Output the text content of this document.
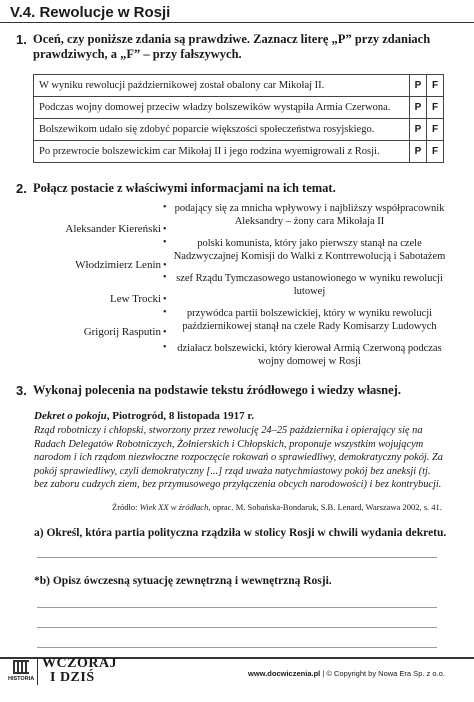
V.4. Rewolucje w Rosji
1. Oceń, czy poniższe zdania są prawdziwe. Zaznacz literę „P” przy zdaniach prawdziwych, a „F” – przy fałszywych.
W wyniku rewolucji październikowej został obalony car Mikołaj II.	P	F
Podczas wojny domowej przeciw władzy bolszewików wystąpiła Armia Czerwona.	P	F
Bolszewikom udało się zdobyć poparcie większości społeczeństwa rosyjskiego.	P	F
Po przewrocie bolszewickim car Mikołaj II i jego rodzina wyemigrowali z Rosji.	P	F
2. Połącz postacie z właściwymi informacjami na ich temat.
Aleksander Kiereński •
Włodzimierz Lenin •
Lew Trocki •
Grigorij Rasputin •
• podający się za mnicha wpływowy i najbliższy współpracownik Aleksandry – żony cara Mikołaja II
•	polski komunista, który jako pierwszy stanął na czele Nadzwyczajnej Komisji do Walki z Kontrrewolucją i Sabotażem
• szef Rządu Tymczasowego ustanowionego w wyniku rewolucji lutowej
•	przywódca partii bolszewickiej, który w wyniku rewolucji październikowej stanął na czele Rady Komisarzy Ludowych
•	działacz bolszewicki, który kierował Armią Czerwoną podczas wojny domowej w Rosji
3. Wykonaj polecenia na podstawie tekstu źródłowego i wiedzy własnej.
Dekret o pokoju, Piotrogród, 8 listopada 1917 r.
Rząd robotniczy i chłopski, stworzony przez rewolucję 24–25 października i opierający się na Radach Delegatów Robotniczych, Żołnierskich i Chłopskich, proponuje wszystkim wojującym narodom i ich rządom niezwłoczne rozpoczęcie rokowań o sprawiedliwy, demokratyczny pokój. Za pokój sprawiedliwy, czyli demokratyczny [...] rząd uważa natychmiastowy pokój bez aneksji (tj. bez zaboru cudzych ziem, bez przymusowego przyłączenia obcych narodowości) i bez kontrybucji.
Źródło: Wiek XX w źródłach, oprac. M. Sobańska-Bondaruk, S.B. Lenard, Warszawa 2002, s. 41.
a) Określ, która partia polityczna rządziła w stolicy Rosji w chwili wydania dekretu.
*b) Opisz ówczesną sytuację zewnętrzną i wewnętrzną Rosji.
HISTORIA
WCZORAJ
I DZIŚ	www.docwiczenia.pl | © Copyright by Nowa Era Sp. z o.o.
